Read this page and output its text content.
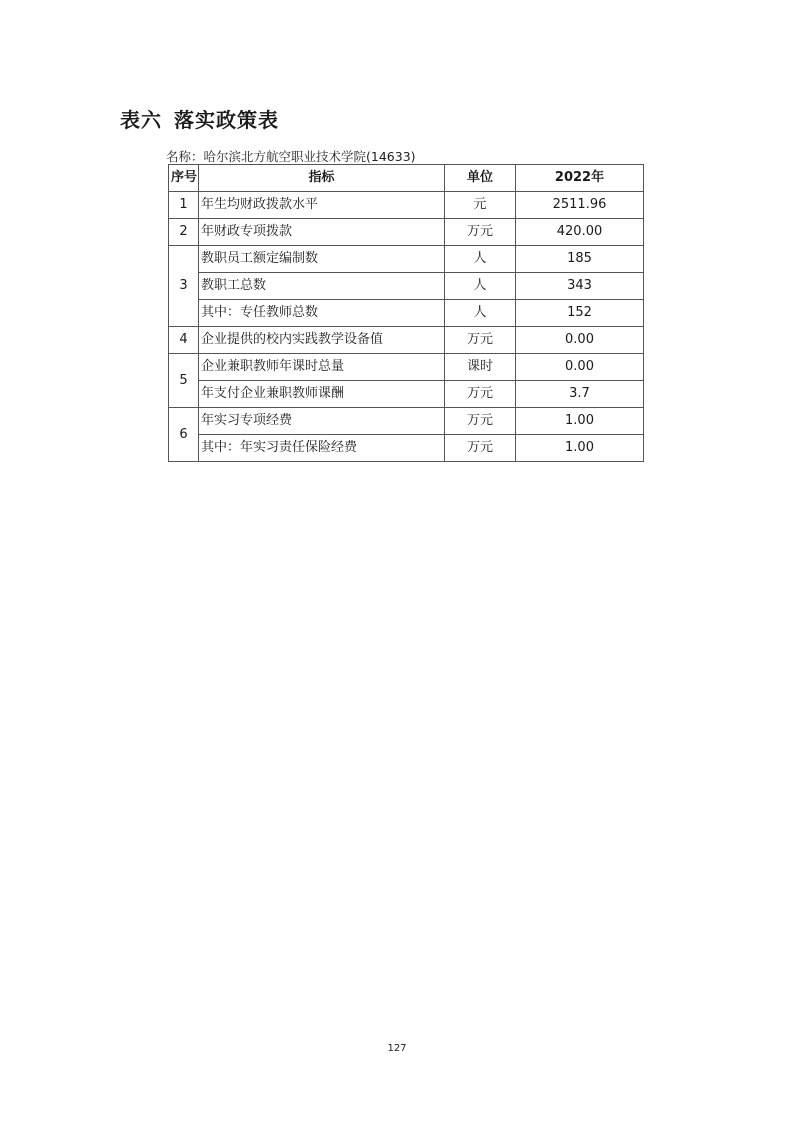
表六 落实政策表
名称：哈尔滨北方航空职业技术学院(14633)
序号	指标	单位	2022年
1	年生均财政拨款水平	元	2511.96
2	年财政专项拨款	万元	420.00
3	教职员工额定编制数	人	185
	教职工总数	人	343
	其中：专任教师总数	人	152
4	企业提供的校内实践教学设备值	万元	0.00
5	企业兼职教师年课时总量	课时	0.00
	年支付企业兼职教师课酬	万元	3.7
6	年实习专项经费	万元	1.00
	其中：年实习责任保险经费	万元	1.00
127
